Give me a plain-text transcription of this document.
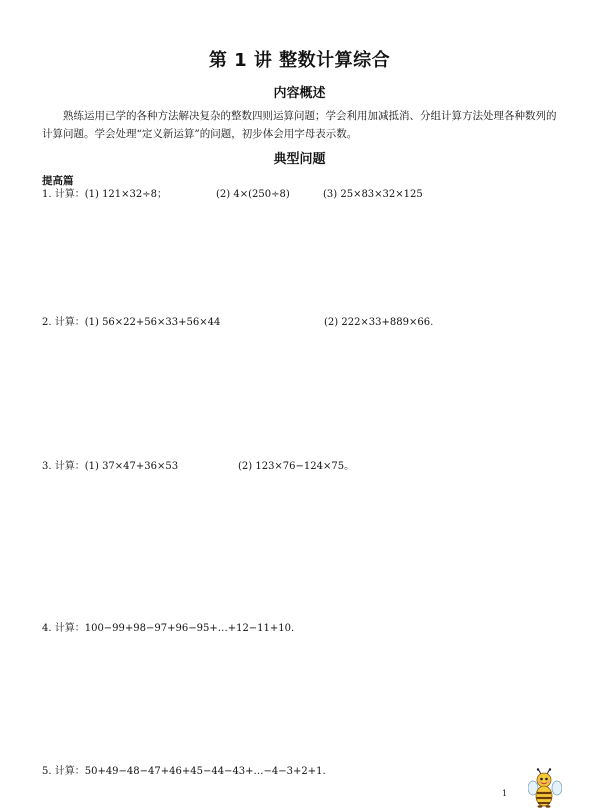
第 1 讲 整数计算综合
内容概述
熟练运用已学的各种方法解决复杂的整数四则运算问题；学会利用加减抵消、分组计算方法处理各种数列的计算问题。学会处理“定义新运算”的问题，初步体会用字母表示数。
典型问题
提高篇
1. 计算：(1) 121×32÷8；	(2) 4×(250÷8)	(3) 25×83×32×125
2. 计算：(1) 56×22+56×33+56×44	(2) 222×33+889×66.
3. 计算：(1) 37×47+36×53	(2) 123×76−124×75。
4. 计算：100−99+98−97+96−95+…+12−11+10.
5. 计算：50+49−48−47+46+45−44−43+…−4−3+2+1.
1
